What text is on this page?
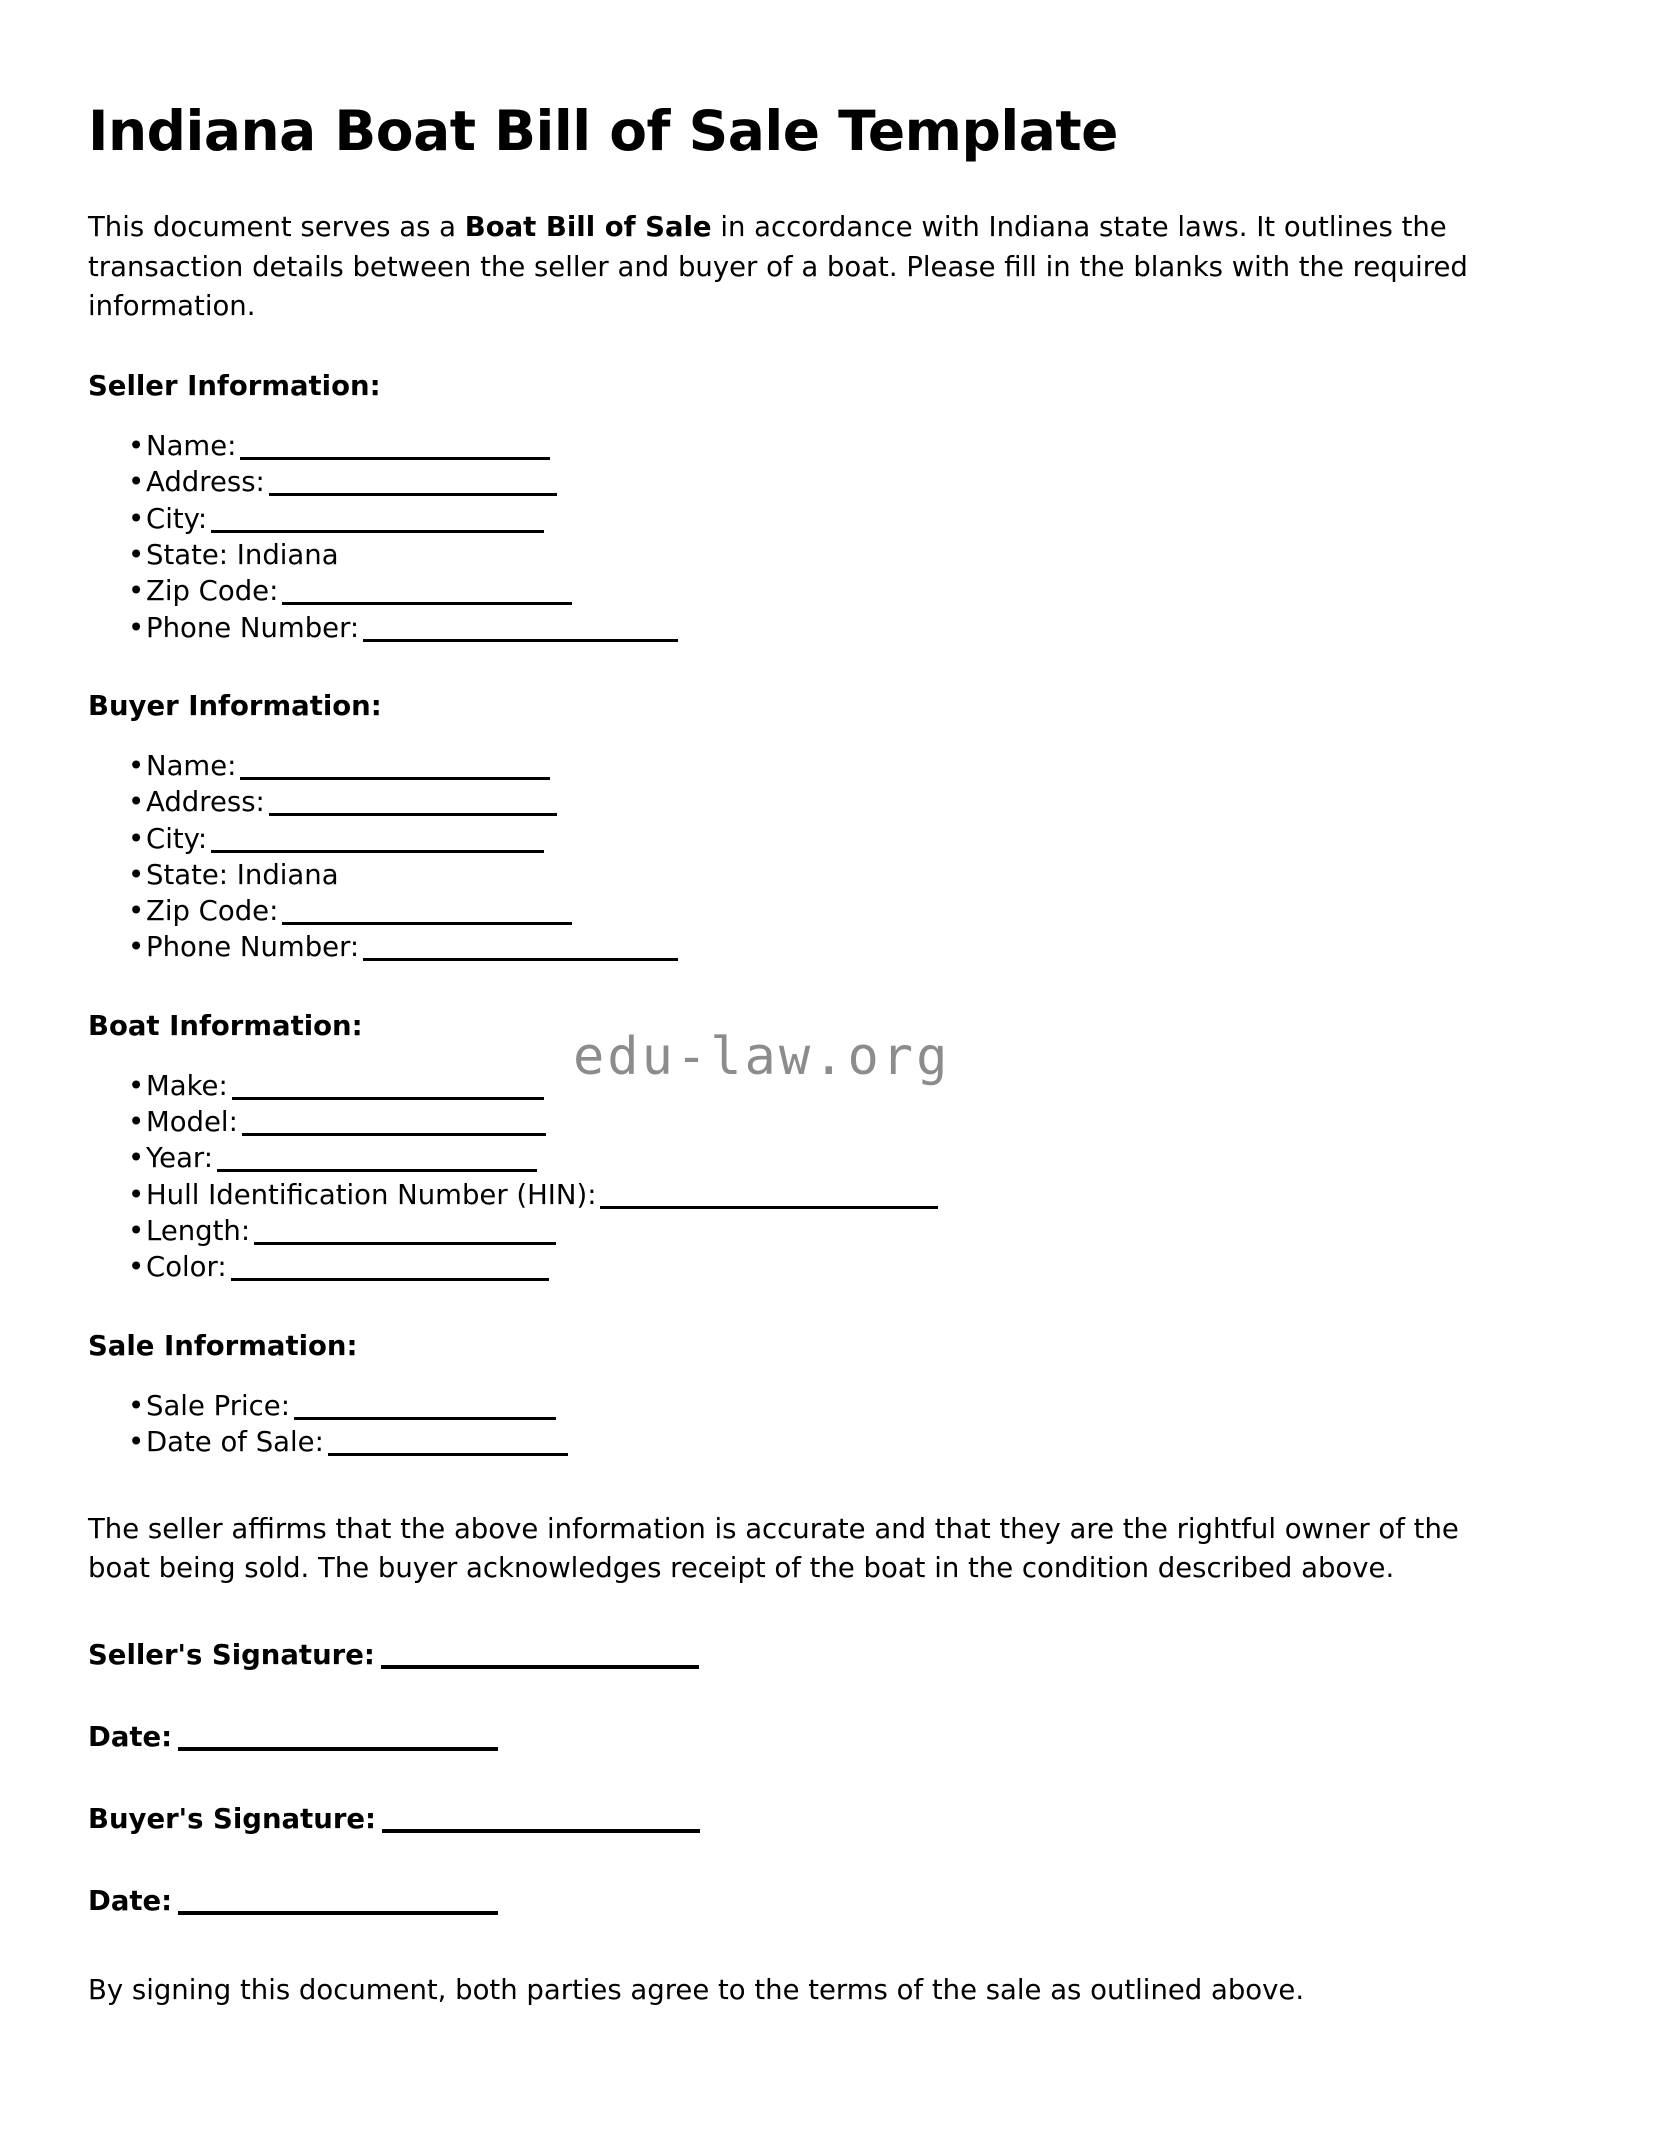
edu-law.org
Indiana Boat Bill of Sale Template

This document serves as a Boat Bill of Sale in accordance with Indiana state laws. It outlines the transaction details between the seller and buyer of a boat. Please fill in the blanks with the required information.

Seller Information:
• Name:
• Address:
• City:
• State: Indiana
• Zip Code:
• Phone Number:
Buyer Information:
• Name:
• Address:
• City:
• State: Indiana
• Zip Code:
• Phone Number:
Boat Information:
• Make:
• Model:
• Year:
• Hull Identification Number (HIN):
• Length:
• Color:
Sale Information:
• Sale Price:
• Date of Sale:

The seller affirms that the above information is accurate and that they are the rightful owner of the boat being sold. The buyer acknowledges receipt of the boat in the condition described above.

Seller's Signature:

Date:

Buyer's Signature:

Date:

By signing this document, both parties agree to the terms of the sale as outlined above.
